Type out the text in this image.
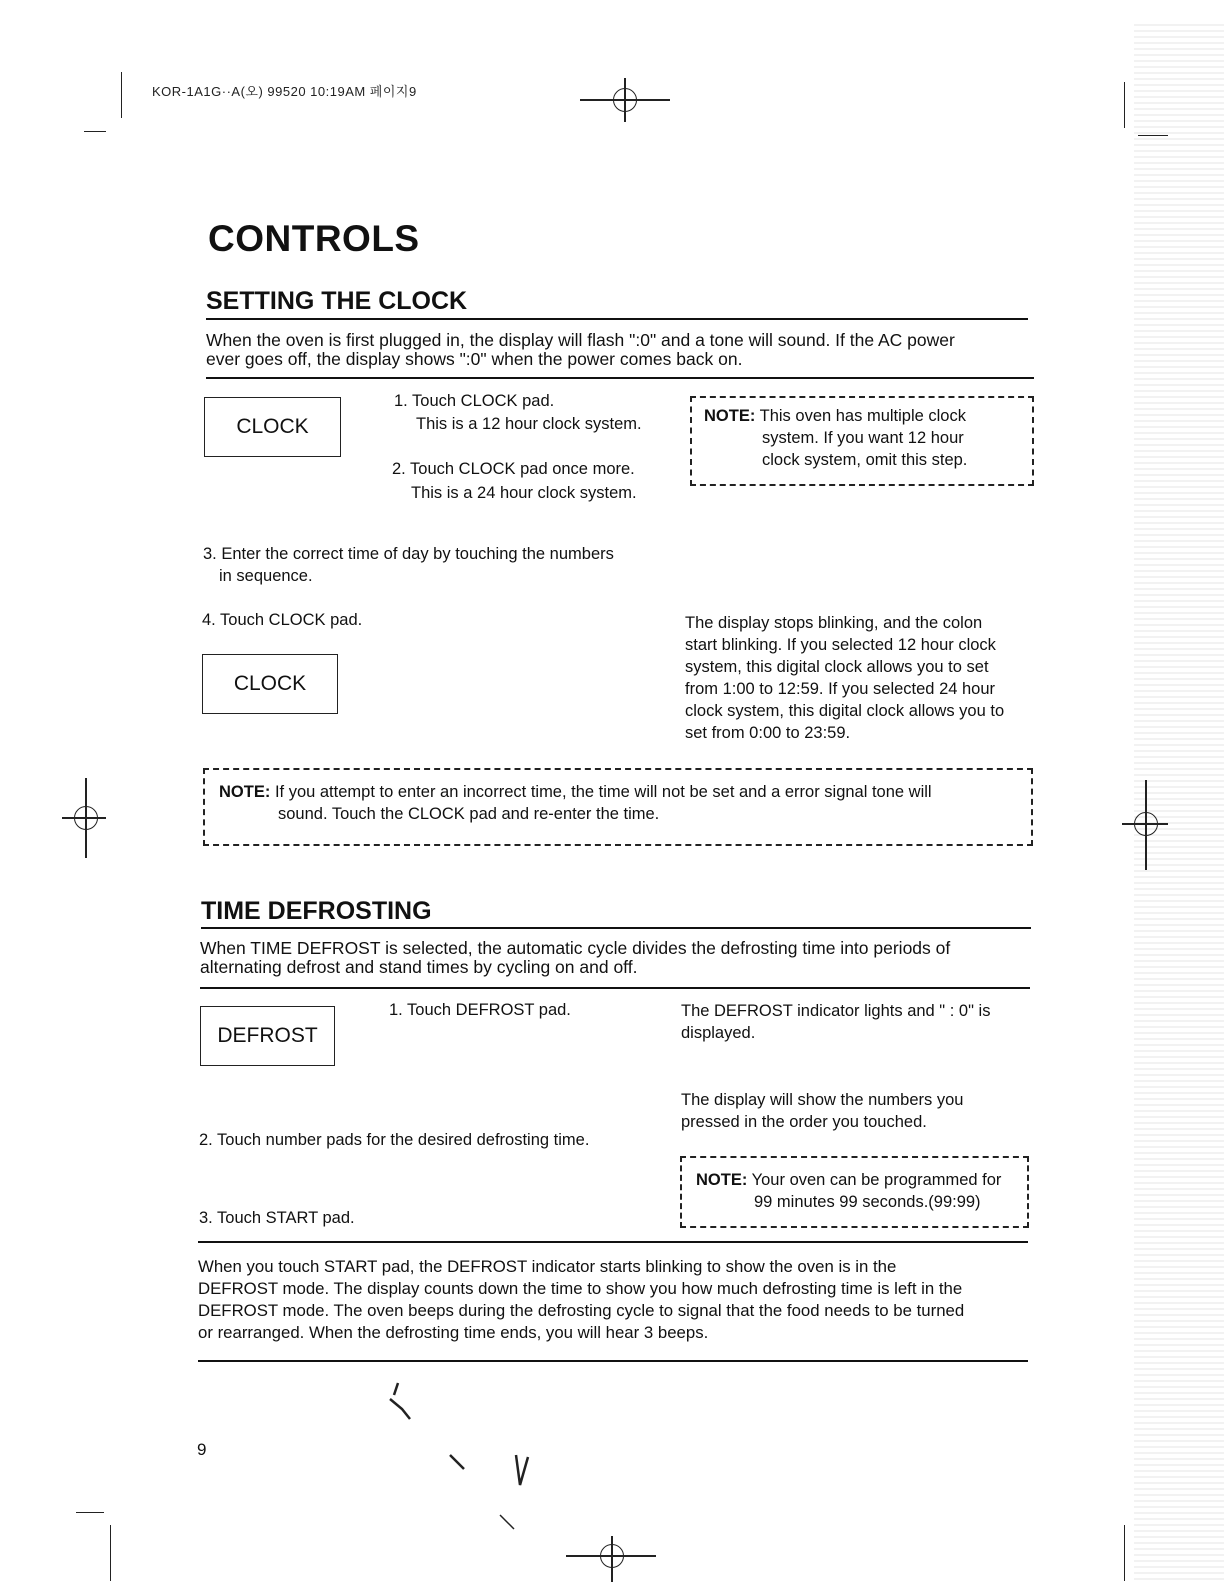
KOR-1A1G··A(오) 99520 10:19AM 페이지9
CONTROLS
SETTING THE CLOCK
When the oven is first plugged in, the display will flash ":0" and a tone will sound. If the AC power
ever goes off, the display shows ":0" when the power comes back on.
CLOCK
1. Touch CLOCK pad.
This is a 12 hour clock system.
2. Touch CLOCK pad once more.
This is a 24 hour clock system.
NOTE: This oven has multiple clock
system. If you want 12 hour
clock system, omit this step.
3. Enter the correct time of day by touching the numbers
in sequence.
4. Touch CLOCK pad.
CLOCK
The display stops blinking, and the colon
start blinking. If you selected 12 hour clock
system, this digital clock allows you to set
from 1:00 to 12:59. If you selected 24 hour
clock system, this digital clock allows you to
set from 0:00 to 23:59.
NOTE: If you attempt to enter an incorrect time, the time will not be set and a error signal tone will
sound. Touch the CLOCK pad and re-enter the time.
TIME DEFROSTING
When TIME DEFROST is selected, the automatic cycle divides the defrosting time into periods of
alternating defrost and stand times by cycling on and off.
DEFROST
1. Touch DEFROST pad.	The DEFROST indicator lights and " : 0" is
displayed.
The display will show the numbers you
pressed in the order you touched.
2. Touch number pads for the desired defrosting time.
NOTE: Your oven can be programmed for
99 minutes 99 seconds.(99:99)
3. Touch START pad.
When you touch START pad, the DEFROST indicator starts blinking to show the oven is in the
DEFROST mode. The display counts down the time to show you how much defrosting time is left in the
DEFROST mode. The oven beeps during the defrosting cycle to signal that the food needs to be turned
or rearranged. When the defrosting time ends, you will hear 3 beeps.
9
